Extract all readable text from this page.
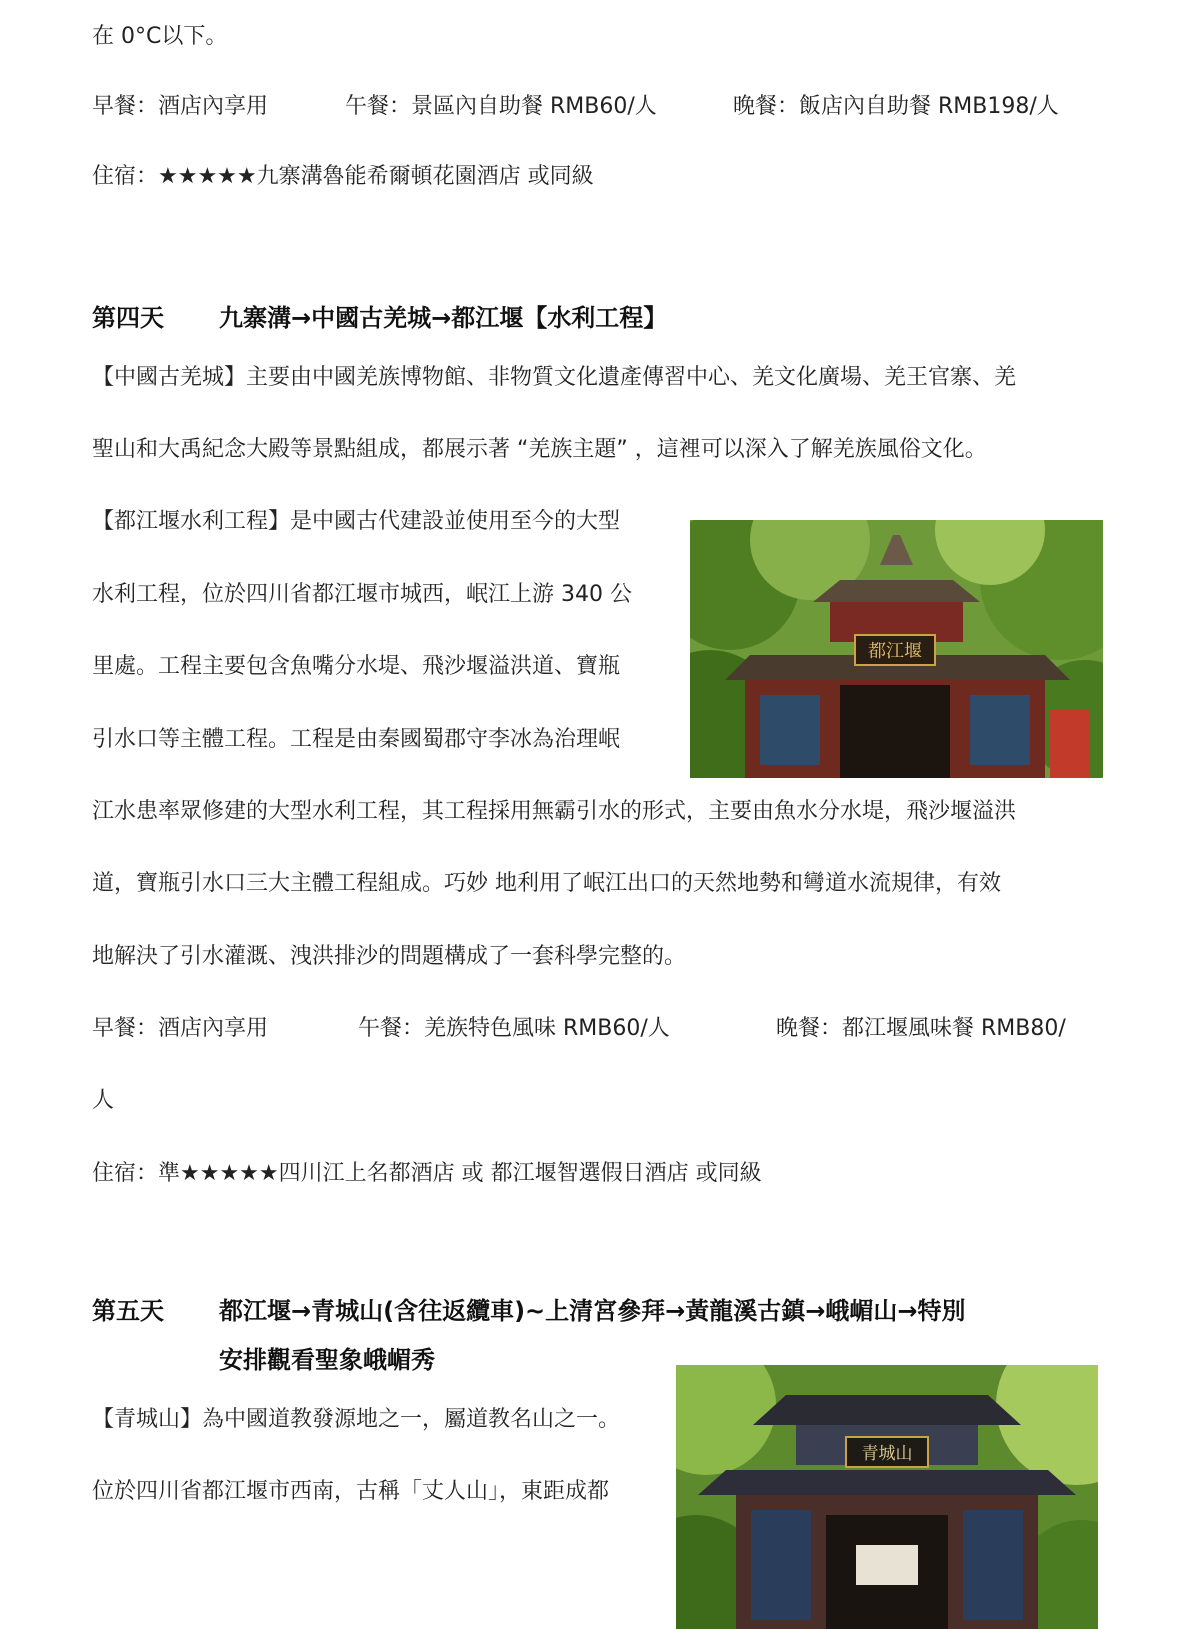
在 0°C以下。
早餐：酒店內享用	午餐：景區內自助餐 RMB60/人	晚餐：飯店內自助餐 RMB198/人
住宿：★★★★★九寨溝魯能希爾頓花園酒店 或同級
第四天 九寨溝→中國古羌城→都江堰【水利工程】
【中國古羌城】主要由中國羌族博物館、非物質文化遺產傳習中心、羌文化廣場、羌王官寨、羌
聖山和大禹紀念大殿等景點組成，都展示著 “羌族主題” ，這裡可以深入了解羌族風俗文化。
【都江堰水利工程】是中國古代建設並使用至今的大型
水利工程，位於四川省都江堰市城西，岷江上游 340 公
里處。工程主要包含魚嘴分水堤、飛沙堰溢洪道、寶瓶
引水口等主體工程。工程是由秦國蜀郡守李冰為治理岷
江水患率眾修建的大型水利工程，其工程採用無霸引水的形式，主要由魚水分水堤，飛沙堰溢洪
道，寶瓶引水口三大主體工程組成。巧妙 地利用了岷江出口的天然地勢和彎道水流規律，有效
地解決了引水灌溉、洩洪排沙的問題構成了一套科學完整的。
都江堰
早餐：酒店內享用	午餐：羌族特色風味 RMB60/人	晚餐：都江堰風味餐 RMB80/
人
住宿：準★★★★★四川江上名都酒店 或 都江堰智選假日酒店 或同級
第五天 都江堰→青城山(含往返纜車)~上清宮參拜→黃龍溪古鎮→峨嵋山→特別
安排觀看聖象峨嵋秀
【青城山】為中國道教發源地之一，屬道教名山之一。
位於四川省都江堰市西南，古稱「丈人山」，東距成都
青城山
